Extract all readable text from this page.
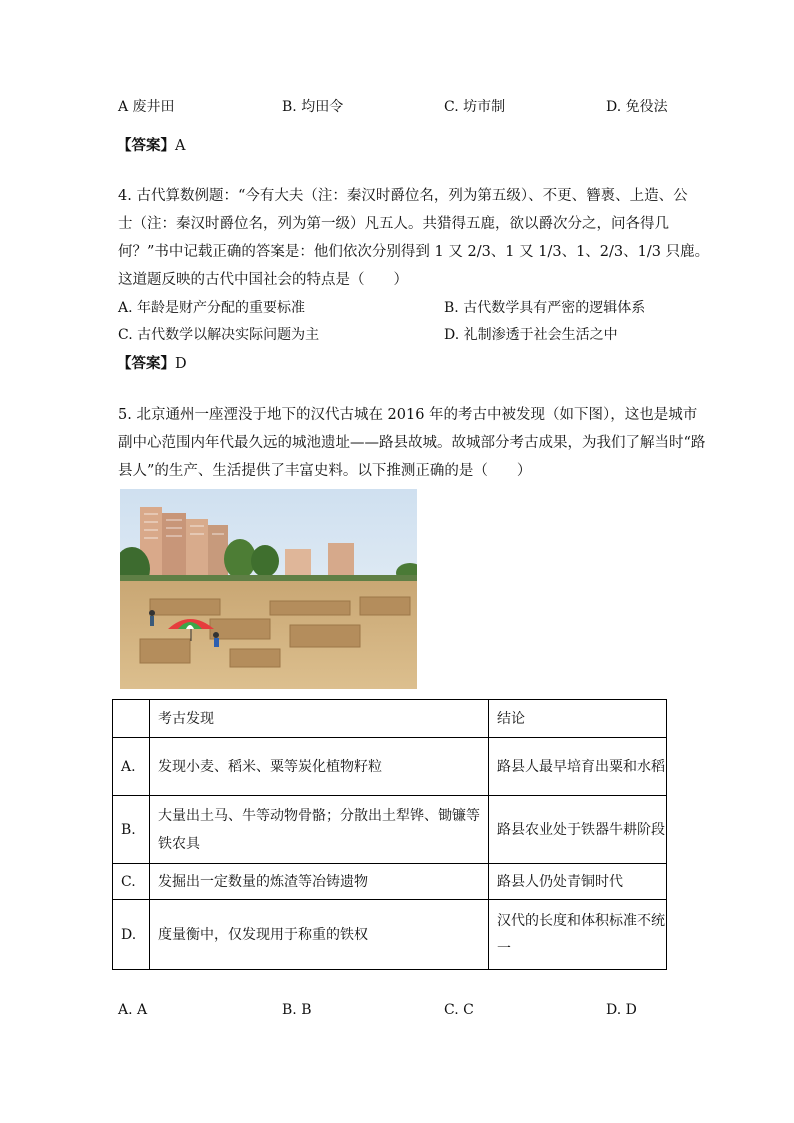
A 废井田	B. 均田令	C. 坊市制	D. 免役法
【答案】A
4. 古代算数例题：“今有大夫（注：秦汉时爵位名，列为第五级）、不更、簪褭、上造、公
士（注：秦汉时爵位名，列为第一级）凡五人。共猎得五鹿，欲以爵次分之，问各得几
何？”书中记载正确的答案是：他们依次分别得到 1 又 2/3、1 又 1/3、1、2/3、1/3 只鹿。
这道题反映的古代中国社会的特点是（　　）
A. 年龄是财产分配的重要标准	B. 古代数学具有严密的逻辑体系
C. 古代数学以解决实际问题为主	D. 礼制渗透于社会生活之中
【答案】D
5. 北京通州一座湮没于地下的汉代古城在 2016 年的考古中被发现（如下图），这也是城市
副中心范围内年代最久远的城池遗址——路县故城。故城部分考古成果，为我们了解当时“路
县人”的生产、生活提供了丰富史料。以下推测正确的是（　　）
	考古发现	结论
A.	发现小麦、稻米、粟等炭化植物籽粒	路县人最早培育出粟和水稻
B.	大量出土马、牛等动物骨骼；分散出土犁铧、锄镰等铁农具	路县农业处于铁器牛耕阶段
C.	发掘出一定数量的炼渣等冶铸遗物	路县人仍处青铜时代
D.	度量衡中，仅发现用于称重的铁权	汉代的长度和体积标准不统一
A. A	B. B	C. C	D. D
